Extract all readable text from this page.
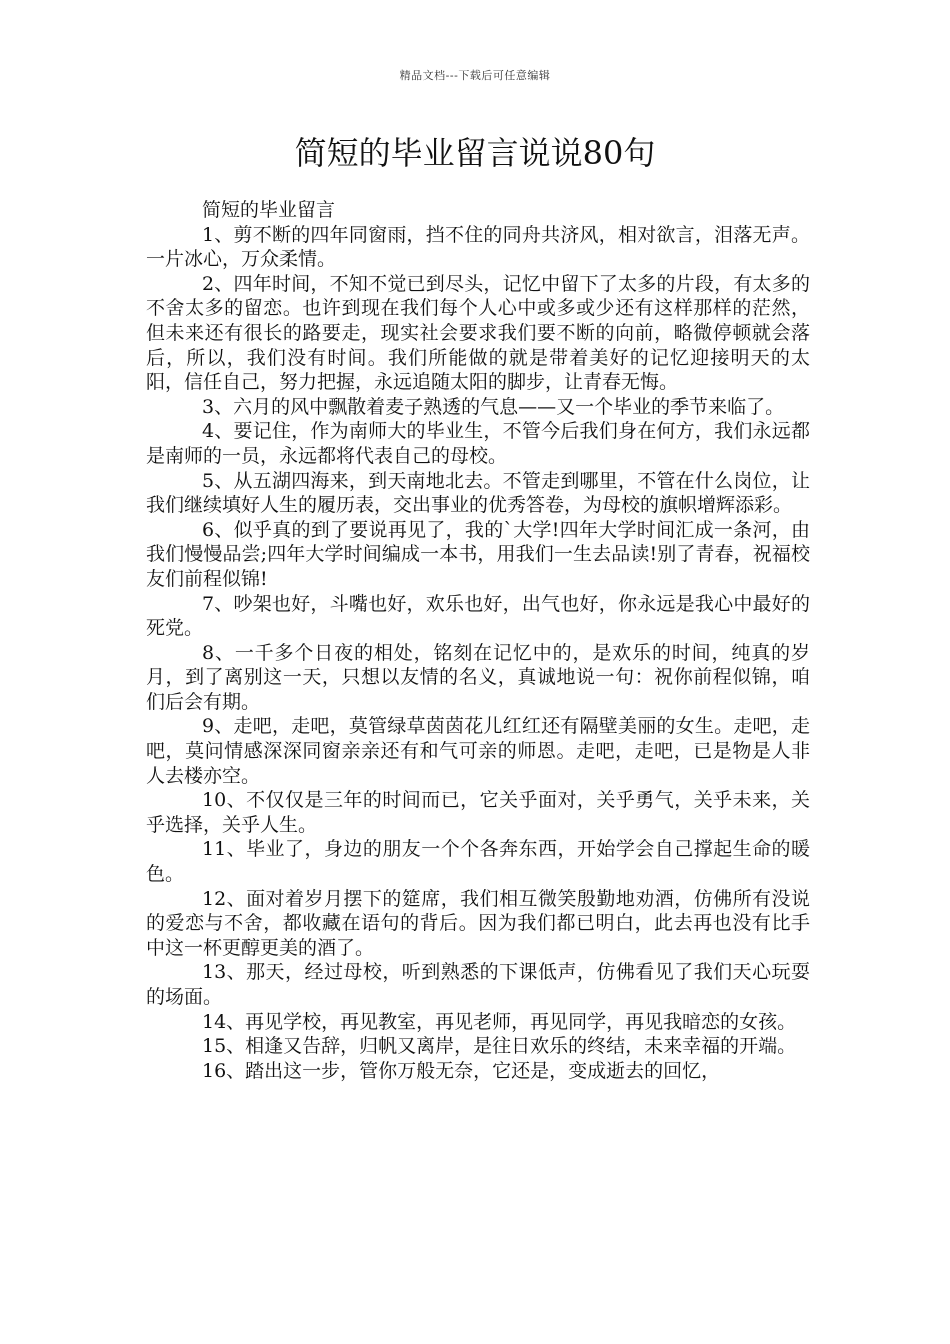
精品文档---下载后可任意编辑
简短的毕业留言说说80句

简短的毕业留言

1、剪不断的四年同窗雨，挡不住的同舟共济风，相对欲言，泪落无声。一片冰心，万众柔情。

2、四年时间，不知不觉已到尽头，记忆中留下了太多的片段，有太多的不舍太多的留恋。也许到现在我们每个人心中或多或少还有这样那样的茫然，但未来还有很长的路要走，现实社会要求我们要不断的向前，略微停顿就会落后，所以，我们没有时间。我们所能做的就是带着美好的记忆迎接明天的太阳，信任自己，努力把握，永远追随太阳的脚步，让青春无悔。

3、六月的风中飘散着麦子熟透的气息——又一个毕业的季节来临了。

4、要记住，作为南师大的毕业生，不管今后我们身在何方，我们永远都是南师的一员，永远都将代表自己的母校。

5、从五湖四海来，到天南地北去。不管走到哪里，不管在什么岗位，让我们继续填好人生的履历表，交出事业的优秀答卷，为母校的旗帜增辉添彩。

6、似乎真的到了要说再见了，我的`大学!四年大学时间汇成一条河，由我们慢慢品尝;四年大学时间编成一本书，用我们一生去品读!别了青春，祝福校友们前程似锦!

7、吵架也好，斗嘴也好，欢乐也好，出气也好，你永远是我心中最好的死党。

8、一千多个日夜的相处，铭刻在记忆中的，是欢乐的时间，纯真的岁月，到了离别这一天，只想以友情的名义，真诚地说一句：祝你前程似锦，咱们后会有期。

9、走吧，走吧，莫管绿草茵茵花儿红红还有隔壁美丽的女生。走吧，走吧，莫问情感深深同窗亲亲还有和气可亲的师恩。走吧，走吧，已是物是人非人去楼亦空。

10、不仅仅是三年的时间而已，它关乎面对，关乎勇气，关乎未来，关乎选择，关乎人生。

11、毕业了，身边的朋友一个个各奔东西，开始学会自己撑起生命的暖色。

12、面对着岁月摆下的筵席，我们相互微笑殷勤地劝酒，仿佛所有没说的爱恋与不舍，都收藏在语句的背后。因为我们都已明白，此去再也没有比手中这一杯更醇更美的酒了。

13、那天，经过母校，听到熟悉的下课低声，仿佛看见了我们天心玩耍的场面。

14、再见学校，再见教室，再见老师，再见同学，再见我暗恋的女孩。

15、相逢又告辞，归帆又离岸，是往日欢乐的终结，未来幸福的开端。

16、踏出这一步，管你万般无奈，它还是，变成逝去的回忆，
